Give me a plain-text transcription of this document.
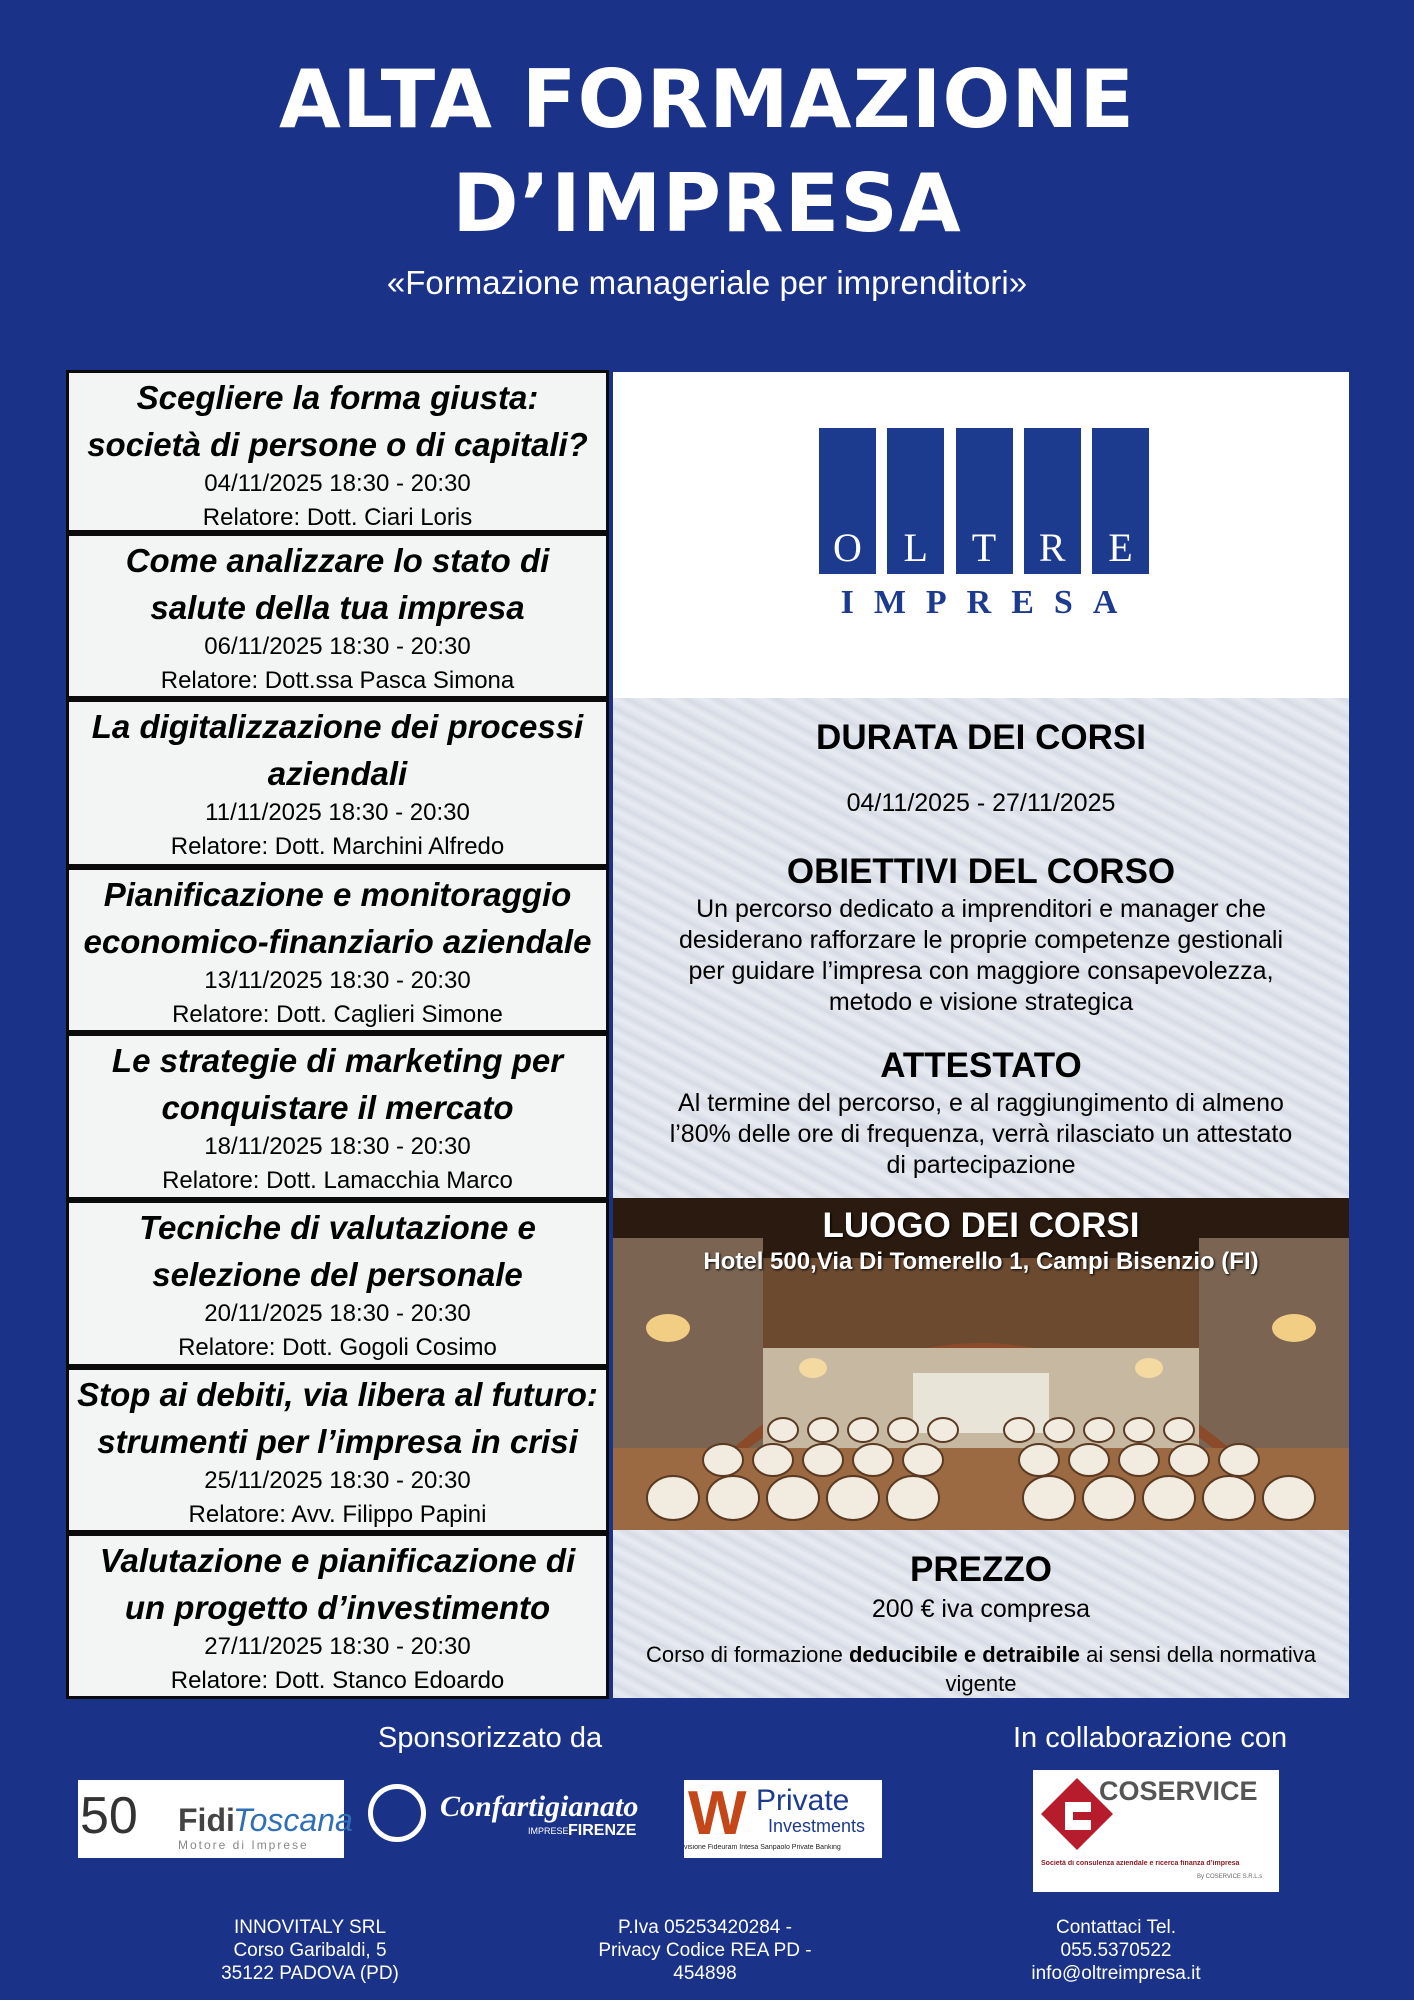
ALTA FORMAZIONE
D’IMPRESA
«Formazione manageriale per imprenditori»
Scegliere la forma giusta:
società di persone o di capitali?
04/11/2025 18:30 - 20:30
Relatore: Dott. Ciari Loris
Come analizzare lo stato di
salute della tua impresa
06/11/2025 18:30 - 20:30
Relatore: Dott.ssa Pasca Simona
La digitalizzazione dei processi
aziendali
11/11/2025 18:30 - 20:30
Relatore: Dott. Marchini Alfredo
Pianificazione e monitoraggio
economico-finanziario aziendale
13/11/2025 18:30 - 20:30
Relatore: Dott. Caglieri Simone
Le strategie di marketing per
conquistare il mercato
18/11/2025 18:30 - 20:30
Relatore: Dott. Lamacchia Marco
Tecniche di valutazione e
selezione del personale
20/11/2025 18:30 - 20:30
Relatore: Dott. Gogoli Cosimo
Stop ai debiti, via libera al futuro:
strumenti per l’impresa in crisi
25/11/2025 18:30 - 20:30
Relatore: Avv. Filippo Papini
Valutazione e pianificazione di
un progetto d’investimento
27/11/2025 18:30 - 20:30
Relatore: Dott. Stanco Edoardo
O	L	T	R	E
IMPRESA
DURATA DEI CORSI
04/11/2025 - 27/11/2025
OBIETTIVI DEL CORSO
Un percorso dedicato a imprenditori e manager che
desiderano rafforzare le proprie competenze gestionali
per guidare l’impresa con maggiore consapevolezza,
metodo e visione strategica
ATTESTATO
Al termine del percorso, e al raggiungimento di almeno
l’80% delle ore di frequenza, verrà rilasciato un attestato
di partecipazione
LUOGO DEI CORSI
Hotel 500,Via Di Tomerello 1, Campi Bisenzio (FI)
PREZZO
200 € iva compresa
Corso di formazione deducibile e detraibile ai sensi della normativa
vigente
Sponsorizzato da	In collaborazione con
50 Fidi
Toscana
Motore di Imprese
Confartigianato
IMPRESE FIRENZE W Private
Investments
visione Fideuram Intesa Sanpaolo Private Banking
COSERVICE
Società di consulenza aziendale e ricerca finanza d’impresa
By COSERVICE S.R.L.s
INNOVITALY SRL
Corso Garibaldi, 5
35122 PADOVA (PD)
P.Iva 05253420284 -
Privacy Codice REA PD -
454898
Contattaci Tel.
055.5370522
info@oltreimpresa.it
